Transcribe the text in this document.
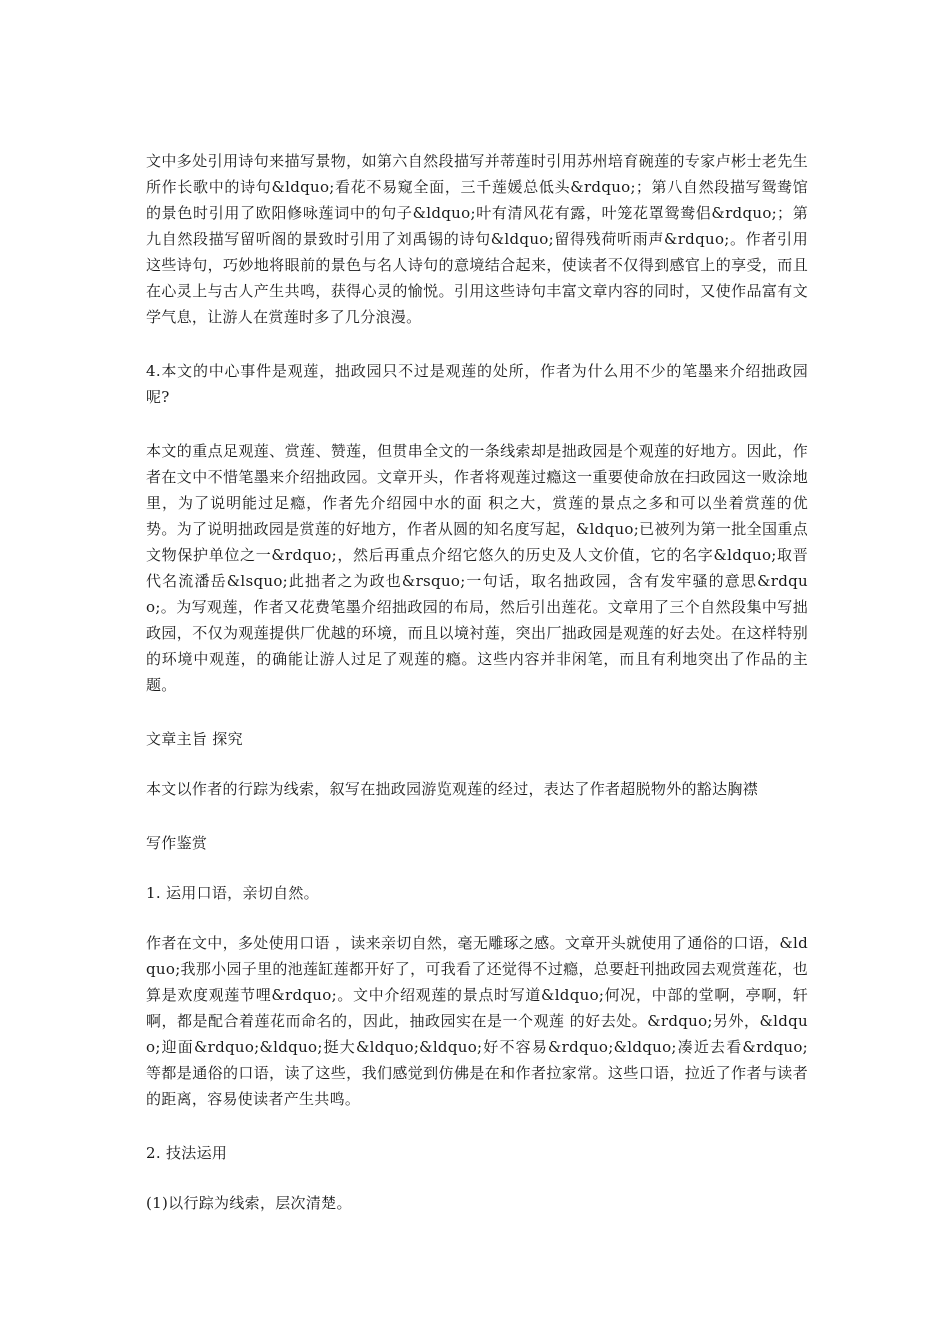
文中多处引用诗句来描写景物，如第六自然段描写并蒂莲时引用苏州培育碗莲的专家卢彬士老先生所作长歌中的诗句&ldquo;看花不易窥全面，三千莲媛总低头&rdquo;；第八自然段描写鸳鸯馆的景色时引用了欧阳修咏莲词中的句子&ldquo;叶有清风花有露，叶笼花罩鸳鸯侣&rdquo;；第九自然段描写留听阁的景致时引用了刘禹锡的诗句&ldquo;留得残荷听雨声&rdquo;。作者引用这些诗句，巧妙地将眼前的景色与名人诗句的意境结合起来，使读者不仅得到感官上的享受，而且在心灵上与古人产生共鸣，获得心灵的愉悦。引用这些诗句丰富文章内容的同时，又使作品富有文学气息，让游人在赏莲时多了几分浪漫。

4.本文的中心事件是观莲，拙政园只不过是观莲的处所，作者为什么用不少的笔墨来介绍拙政园呢?

本文的重点足观莲、赏莲、赞莲，但贯串全文的一条线索却是拙政园是个观莲的好地方。因此，作者在文中不惜笔墨来介绍拙政园。文章开头，作者将观莲过瘾这一重要使命放在扫政园这一败涂地里，为了说明能过足瘾，作者先介绍园中水的面 积之大，赏莲的景点之多和可以坐着赏莲的优势。为了说明拙政园是赏莲的好地方，作者从圆的知名度写起，&ldquo;已被列为第一批全国重点文物保护单位之一&rdquo;，然后再重点介绍它悠久的历史及人文价值，它的名字&ldquo;取晋代名流潘岳&lsquo;此拙者之为政也&rsquo;一句话，取名拙政园，含有发牢骚的意思&rdquo;。为写观莲，作者又花费笔墨介绍拙政园的布局，然后引出莲花。文章用了三个自然段集中写拙政园，不仅为观莲提供厂优越的环境，而且以境衬莲，突出厂拙政园是观莲的好去处。在这样特别的环境中观莲，的确能让游人过足了观莲的瘾。这些内容并非闲笔，而且有利地突出了作品的主题。

文章主旨 探究

本文以作者的行踪为线索，叙写在拙政园游览观莲的经过，表达了作者超脱物外的豁达胸襟

写作鉴赏

1. 运用口语，亲切自然。

作者在文中，多处使用口语 ，读来亲切自然，毫无雕琢之感。文章开头就使用了通俗的口语，&ldquo;我那小园子里的池莲缸莲都开好了，可我看了还觉得不过瘾，总要赶刊拙政园去观赏莲花，也算是欢度观莲节哩&rdquo;。文中介绍观莲的景点时写道&ldquo;何况，中部的堂啊，亭啊，轩啊，都是配合着莲花而命名的，因此，抽政园实在是一个观莲 的好去处。&rdquo;另外，&ldquo;迎面&rdquo;&ldquo;挺大&ldquo;&ldquo;好不容易&rdquo;&ldquo;凑近去看&rdquo;等都是通俗的口语，读了这些，我们感觉到仿佛是在和作者拉家常。这些口语，拉近了作者与读者的距离，容易使读者产生共鸣。

2. 技法运用

(1)以行踪为线索，层次清楚。
